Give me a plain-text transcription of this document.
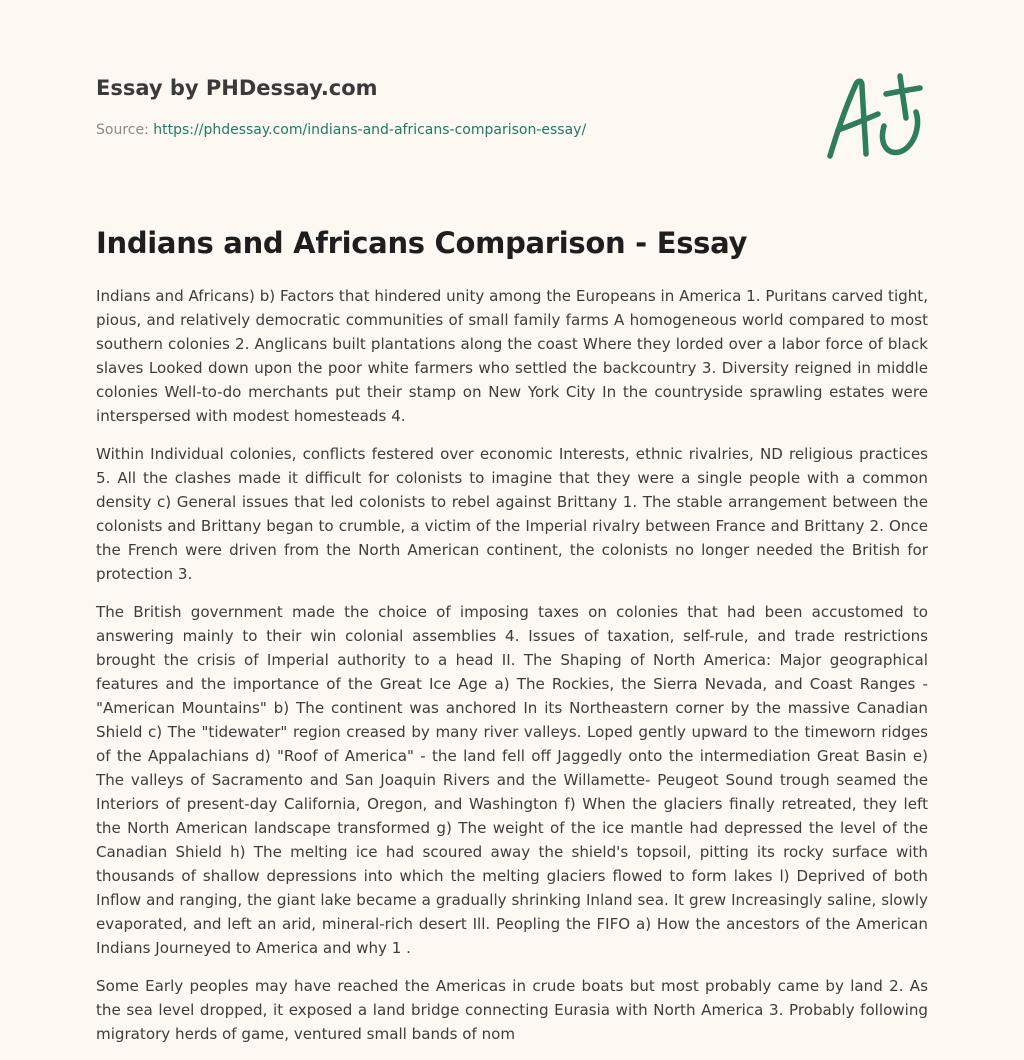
Essay by PHDessay.com
Source: https://phdessay.com/indians-and-africans-comparison-essay/
Indians and Africans Comparison - Essay

Indians and Africans) b) Factors that hindered unity among the Europeans in America 1. Puritans carved tight, pious, and relatively democratic communities of small family farms A homogeneous world compared to most southern colonies 2. Anglicans built plantations along the coast Where they lorded over a labor force of black slaves Looked down upon the poor white farmers who settled the backcountry 3. Diversity reigned in middle colonies Well-to-do merchants put their stamp on New York City In the countryside sprawling estates were interspersed with modest homesteads 4.

Within Individual colonies, conflicts festered over economic Interests, ethnic rivalries, ND religious practices 5. All the clashes made it difficult for colonists to imagine that they were a single people with a common density c) General issues that led colonists to rebel against Brittany 1. The stable arrangement between the colonists and Brittany began to crumble, a victim of the Imperial rivalry between France and Brittany 2. Once the French were driven from the North American continent, the colonists no longer needed the British for protection 3.

The British government made the choice of imposing taxes on colonies that had been accustomed to answering mainly to their win colonial assemblies 4. Issues of taxation, self-rule, and trade restrictions brought the crisis of Imperial authority to a head II. The Shaping of North America: Major geographical features and the importance of the Great Ice Age a) The Rockies, the Sierra Nevada, and Coast Ranges - "American Mountains" b) The continent was anchored In its Northeastern corner by the massive Canadian Shield c) The "tidewater" region creased by many river valleys. Loped gently upward to the timeworn ridges of the Appalachians d) "Roof of America" - the land fell off Jaggedly onto the intermediation Great Basin e) The valleys of Sacramento and San Joaquin Rivers and the Willamette- Peugeot Sound trough seamed the Interiors of present-day California, Oregon, and Washington f) When the glaciers finally retreated, they left the North American landscape transformed g) The weight of the ice mantle had depressed the level of the Canadian Shield h) The melting ice had scoured away the shield's topsoil, pitting its rocky surface with thousands of shallow depressions into which the melting glaciers flowed to form lakes l) Deprived of both Inflow and ranging, the giant lake became a gradually shrinking Inland sea. It grew Increasingly saline, slowly evaporated, and left an arid, mineral-rich desert Ill. Peopling the FIFO a) How the ancestors of the American Indians Journeyed to America and why 1 .

Some Early peoples may have reached the Americas in crude boats but most probably came by land 2. As the sea level dropped, it exposed a land bridge connecting Eurasia with North America 3. Probably following migratory herds of game, ventured small bands of nom
